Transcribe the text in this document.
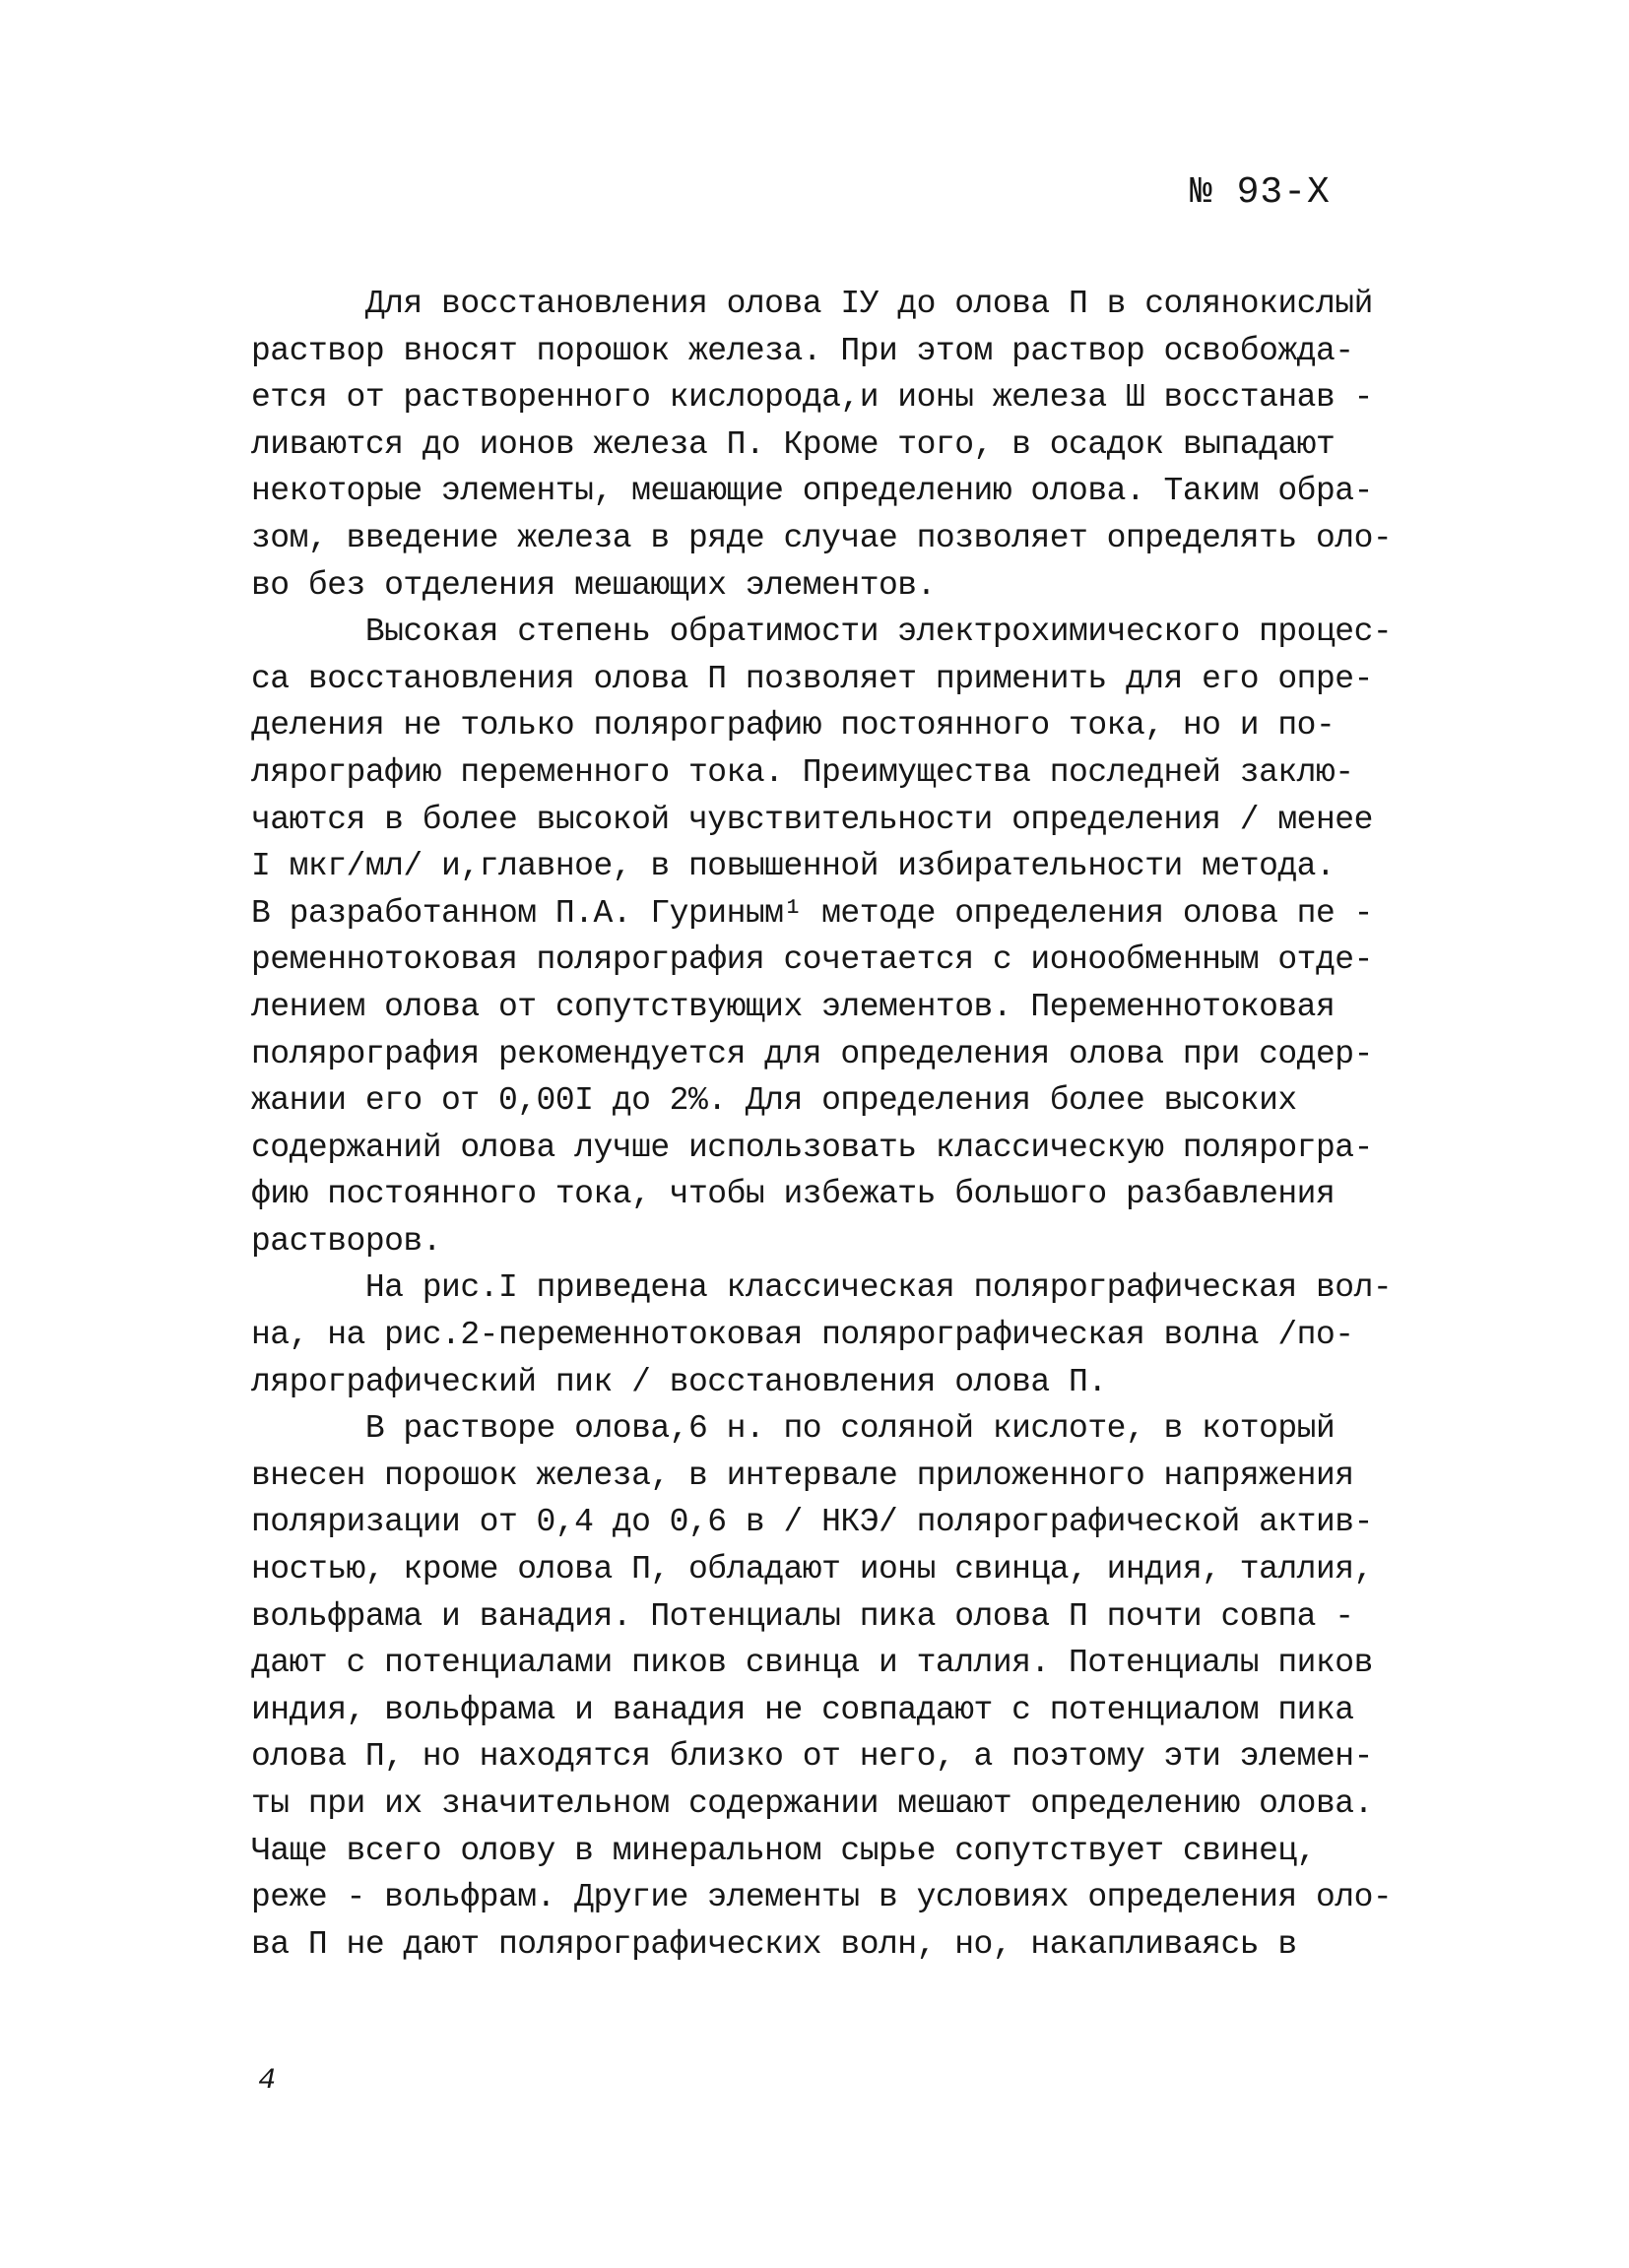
№ 93-Х
Для восстановления олова IУ до олова П в солянокислый
раствор вносят порошок железа. При этом раствор освобожда-
ется от растворенного кислорода,и ионы железа Ш восстанав -
ливаются до ионов железа П. Кроме того, в осадок выпадают
некоторые элементы, мешающие определению олова. Таким обра-
зом, введение железа в ряде случае позволяет определять оло-
во без отделения мешающих элементов.
Высокая степень обратимости электрохимического процес-
са восстановления олова П позволяет применить для его опре-
деления не только полярографию постоянного тока, но и по-
лярографию переменного тока. Преимущества последней заклю-
чаются в более высокой чувствительности определения / менее
I мкг/мл/ и,главное, в повышенной избирательности метода.
В разработанном П.А. Гуриным¹ методе определения олова пе -
ременнотоковая полярография сочетается с ионообменным отде-
лением олова от сопутствующих элементов. Переменнотоковая
полярография рекомендуется для определения олова при содер-
жании его от 0,00I до 2%. Для определения более высоких
содержаний олова лучше использовать классическую полярогра-
фию постоянного тока, чтобы избежать большого разбавления
растворов.
На рис.I приведена классическая полярографическая вол-
на, на рис.2-переменнотоковая полярографическая волна /по-
лярографический пик / восстановления олова П.
В растворе олова,6 н. по соляной кислоте, в который
внесен порошок железа, в интервале приложенного напряжения
поляризации от 0,4 до 0,6 в / НКЭ/ полярографической актив-
ностью, кроме олова П, обладают ионы свинца, индия, таллия,
вольфрама и ванадия. Потенциалы пика олова П почти совпа -
дают с потенциалами пиков свинца и таллия. Потенциалы пиков
индия, вольфрама и ванадия не совпадают с потенциалом пика
олова П, но находятся близко от него, а поэтому эти элемен-
ты при их значительном содержании мешают определению олова.
Чаще всего олову в минеральном сырье сопутствует свинец,
реже - вольфрам. Другие элементы в условиях определения оло-
ва П не дают полярографических волн, но, накапливаясь в
4
